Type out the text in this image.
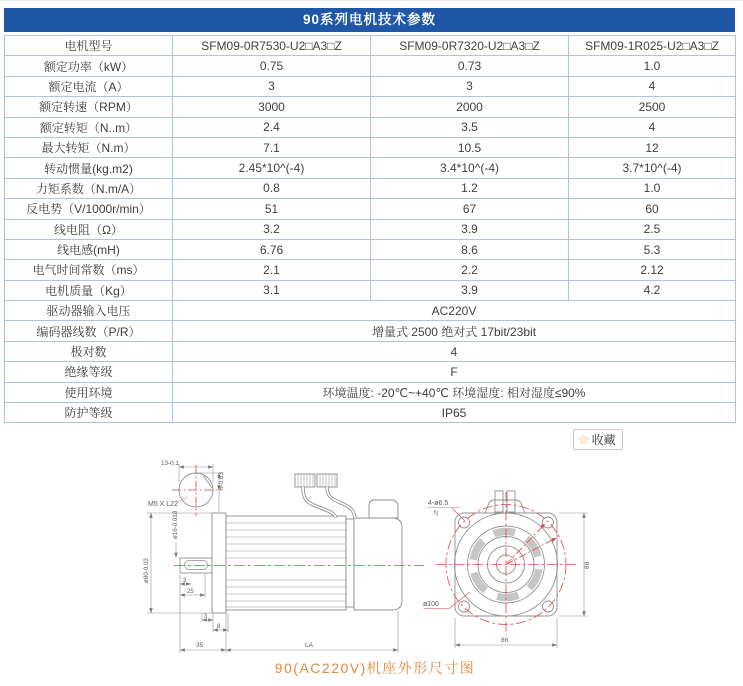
90系列电机技术参数
电机型号	SFM09-0R7530-U2□A3□Z	SFM09-0R7320-U2□A3□Z	SFM09-1R025-U2□A3□Z
额定功率（kW）	0.75	0.73	1.0
额定电流（A）	3	3	4
额定转速（RPM）	3000	2000	2500
额定转矩（N..m）	2.4	3.5	4
最大转矩（N.m）	7.1	10.5	12
转动惯量(kg.m2)	2.45*10^(-4)	3.4*10^(-4)	3.7*10^(-4)
力矩系数（N.m/A）	0.8	1.2	1.0
反电势（V/1000r/min）	51	67	60
线电阻（Ω）	3.2	3.9	2.5
线电感(mH)	6.76	8.6	5.3
电气时间常数（ms）	2.1	2.2	2.12
电机质量（Kg）	3.1	3.9	4.2
驱动器输入电压	AC220V		
编码器线数（P/R）	增量式 2500 绝对式 17bit/23bit		
极对数	4		
绝缘等级	F		
使用环境	环境温度: -20℃~+40℃ 环境湿度: 相对湿度≤90%		
防护等级	IP65		
☆ 收藏
13-0.1
5-0.03
M5 X L22
ø16-0.018
ø80-0.03	3
25
3
8
35	LA
4-ø6.5
均
ø100
86
86
90(AC220V)机座外形尺寸图
